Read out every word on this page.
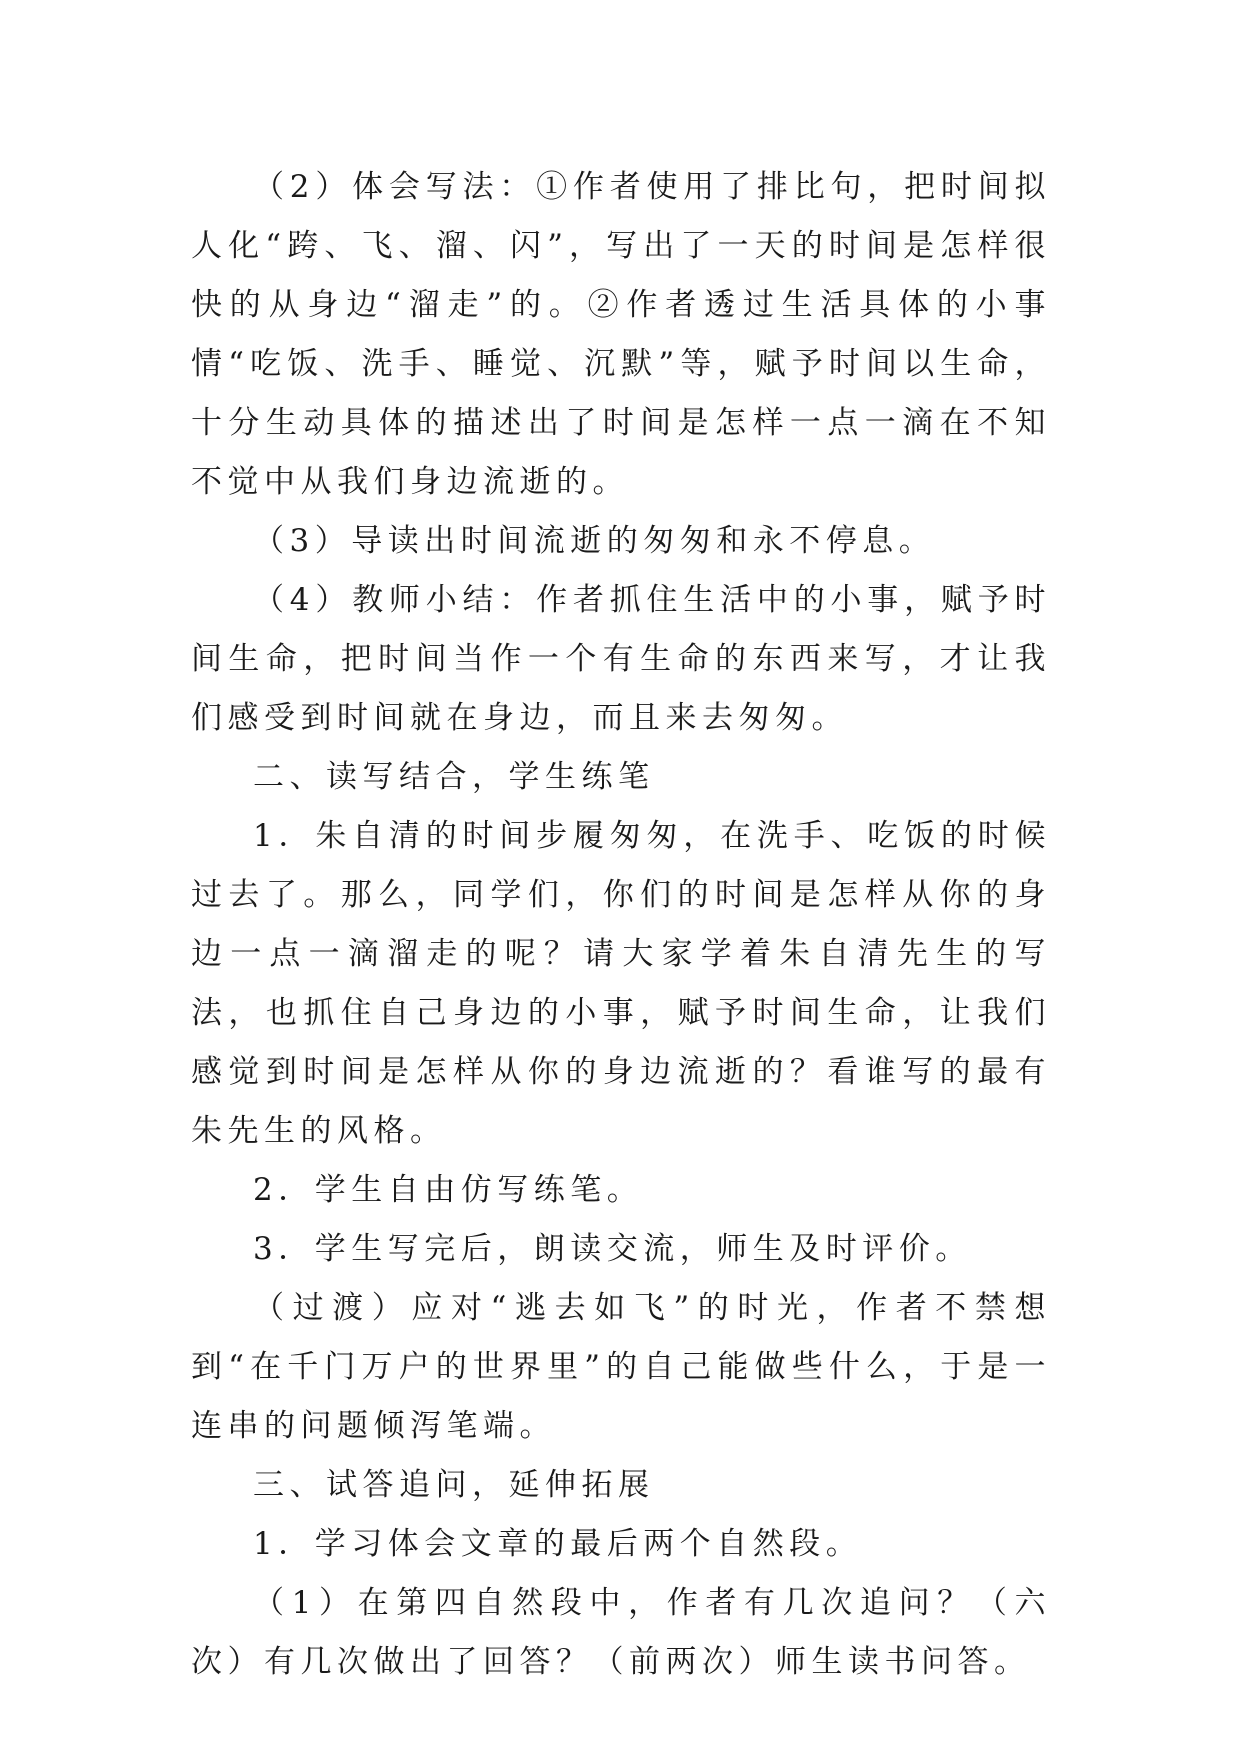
（2）体会写法：①作者使用了排比句，把时间拟人化“跨、飞、溜、闪”，写出了一天的时间是怎样很快的从身边“溜走”的。②作者透过生活具体的小事情“吃饭、洗手、睡觉、沉默”等，赋予时间以生命，十分生动具体的描述出了时间是怎样一点一滴在不知不觉中从我们身边流逝的。

（3）导读出时间流逝的匆匆和永不停息。

（4）教师小结：作者抓住生活中的小事，赋予时间生命，把时间当作一个有生命的东西来写，才让我们感受到时间就在身边，而且来去匆匆。

二、读写结合，学生练笔

1．朱自清的时间步履匆匆，在洗手、吃饭的时候过去了。那么，同学们，你们的时间是怎样从你的身边一点一滴溜走的呢？请大家学着朱自清先生的写法，也抓住自己身边的小事，赋予时间生命，让我们感觉到时间是怎样从你的身边流逝的？看谁写的最有朱先生的风格。

2．学生自由仿写练笔。

3．学生写完后，朗读交流，师生及时评价。

（过渡）应对“逃去如飞”的时光，作者不禁想到“在千门万户的世界里”的自己能做些什么，于是一连串的问题倾泻笔端。

三、试答追问，延伸拓展

1．学习体会文章的最后两个自然段。

（1）在第四自然段中，作者有几次追问？（六次）有几次做出了回答？（前两次）师生读书问答。
